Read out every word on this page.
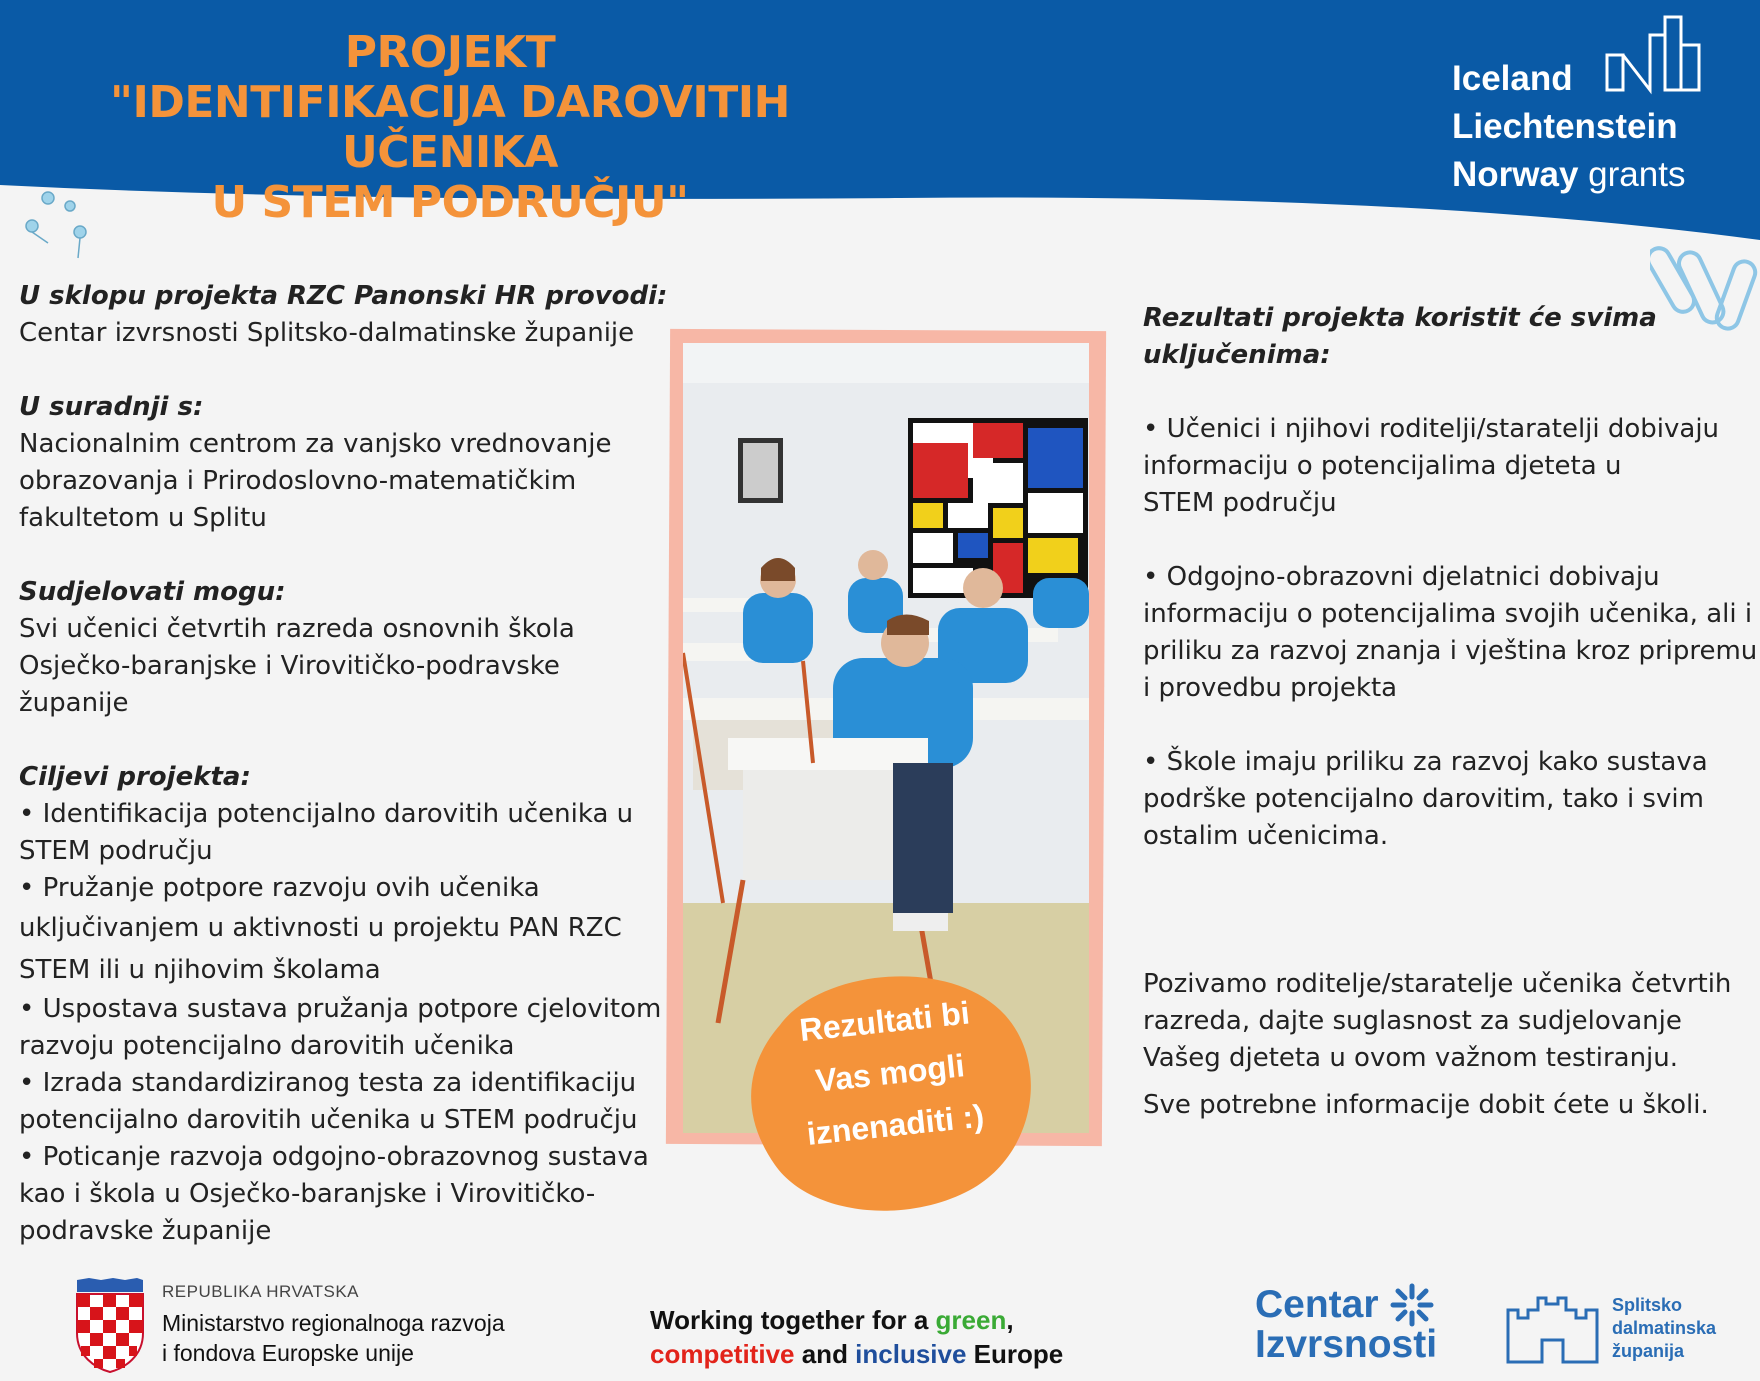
PROJEKT
"IDENTIFIKACIJA DAROVITIH UČENIKA
U STEM PODRUČJU"
Iceland
Liechtenstein
Norway grants
U sklopu projekta RZC Panonski HR provodi:
Centar izvrsnosti Splitsko-dalmatinske županije
U suradnji s:
Nacionalnim centrom za vanjsko vrednovanje
obrazovanja i Prirodoslovno-matematičkim
fakultetom u Splitu
Sudjelovati mogu:
Svi učenici četvrtih razreda osnovnih škola
Osječko-baranjske i Virovitičko-podravske
županije
Ciljevi projekta:
• Identifikacija potencijalno darovitih učenika u
STEM području
• Pružanje potpore razvoju ovih učenika
uključivanjem u aktivnosti u projektu PAN RZC
STEM ili u njihovim školama
• Uspostava sustava pružanja potpore cjelovitom
razvoju potencijalno darovitih učenika
• Izrada standardiziranog testa za identifikaciju
potencijalno darovitih učenika u STEM području
• Poticanje razvoja odgojno-obrazovnog sustava
kao i škola u Osječko-baranjske i Virovitičko-
podravske županije
Rezultati bi
Vas mogli
iznenaditi :)
Rezultati projekta koristit će svima
uključenima:
• Učenici i njihovi roditelji/staratelji dobivaju
informaciju o potencijalima djeteta u
STEM području
• Odgojno-obrazovni djelatnici dobivaju
informaciju o potencijalima svojih učenika, ali i
priliku za razvoj znanja i vještina kroz pripremu
i provedbu projekta
• Škole imaju priliku za razvoj kako sustava
podrške potencijalno darovitim, tako i svim
ostalim učenicima.
Pozivamo roditelje/staratelje učenika četvrtih
razreda, dajte suglasnost za sudjelovanje
Vašeg djeteta u ovom važnom testiranju.
Sve potrebne informacije dobit ćete u školi.
REPUBLIKA HRVATSKA
Ministarstvo regionalnoga razvoja
i fondova Europske unije
Working together for a green,
competitive and inclusive Europe
Centar
Izvrsnosti
Splitsko
dalmatinska
županija
